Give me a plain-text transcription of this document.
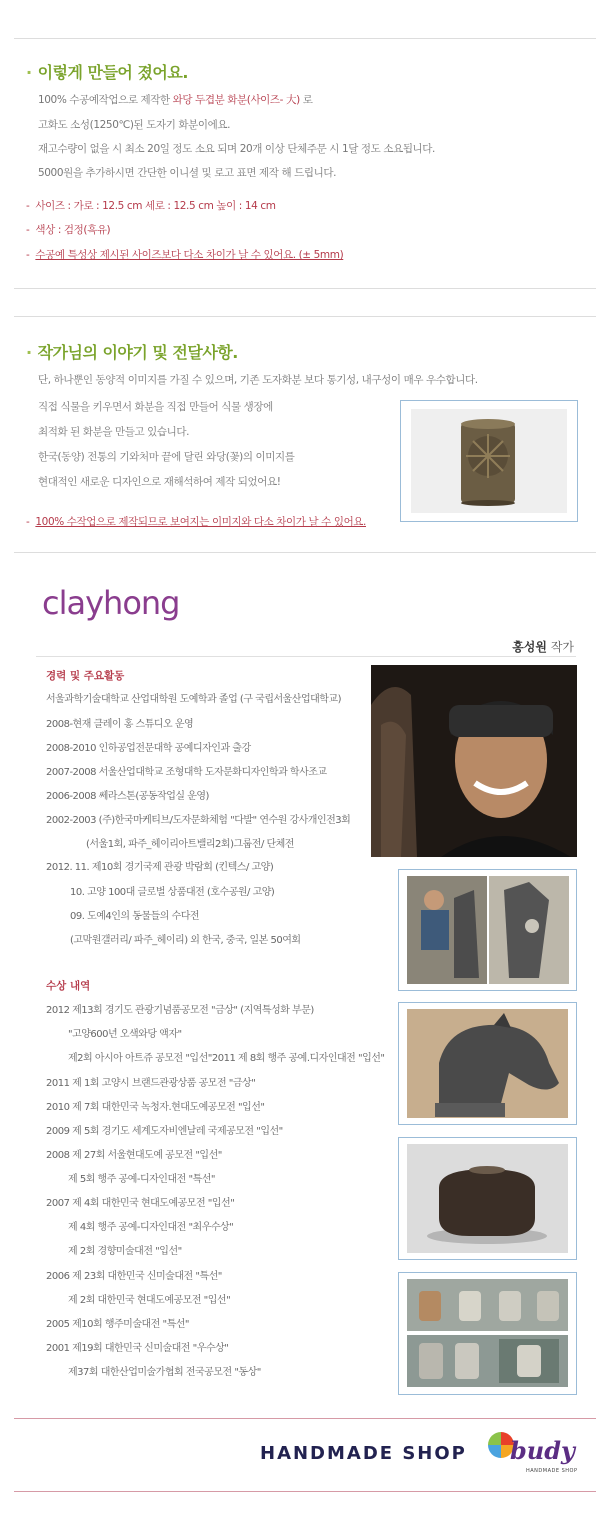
· 이렇게 만들어 졌어요.
100% 수공예작업으로 제작한 와당 두겹분 화분(사이즈- 大) 로
고화도 소성(1250℃)된 도자기 화분이에요.
재고수량이 없을 시 최소 20일 정도 소요 되며 20개 이상 단체주문 시 1달 정도 소요됩니다.
5000원을 추가하시면 간단한 이니셜 및 로고 표면 제작 해 드립니다.
- 사이즈 : 가로 : 12.5 cm 세로 : 12.5 cm 높이 : 14 cm
- 색상 : 검정(흑유)
- 수공예 특성상 제시된 사이즈보다 다소 차이가 날 수 있어요. (± 5mm)
· 작가님의 이야기 및 전달사항.
단, 하나뿐인 동양적 이미지를 가질 수 있으며, 기존 도자화분 보다 통기성, 내구성이 매우 우수합니다.
직접 식물을 키우면서 화분을 직접 만들어 식물 생장에
최적화 된 화분을 만들고 있습니다.
한국(동양) 전통의 기와처마 끝에 달린 와당(꽃)의 이미지를
현대적인 새로운 디자인으로 재해석하여 제작 되었어요!
- 100% 수작업으로 제작되므로 보여지는 이미지와 다소 차이가 날 수 있어요.
clayhong
홍성원 작가
경력 및 주요활동
서울과학기술대학교 산업대학원 도예학과 졸업 (구 국립서울산업대학교)
2008-현재 클레이 홍 스튜디오 운영
2008-2010 인하공업전문대학 공예디자인과 출강
2007-2008 서울산업대학교 조형대학 도자문화디자인학과 학사조교
2006-2008 쎄라스톤(공동작업실 운영)
2002-2003 (주)한국마케티브/도자문화체험 "다발" 연수원 강사개인전3회
(서울1회, 파주_헤이리아트밸리2회)그룹전/ 단체전
2012. 11. 제10회 경기국제 관광 박람회 (킨텍스/ 고양)
10. 고양 100대 글로벌 상품대전 (호수공원/ 고양)
09. 도예4인의 동물들의 수다전
(고막원갤러리/ 파주_헤이리) 외 한국, 중국, 일본 50여회
수상 내역
2012 제13회 경기도 관광기념품공모전 "금상" (지역특성화 부문)
"고양600년 오색와당 액자"
제2회 아시아 아트쥬 공모전 "입선"2011 제 8회 행주 공예.디자인대전 "입선"
2011 제 1회 고양시 브랜드관광상품 공모전 "금상"
2010 제 7회 대한민국 녹청자.현대도예공모전 "입선"
2009 제 5회 경기도 세계도자비엔날레 국제공모전 "입선"
2008 제 27회 서울현대도예 공모전 "입선"
제 5회 행주 공예-디자인대전 "특선"
2007 제 4회 대한민국 현대도예공모전 "입선"
제 4회 행주 공예-디자인대전 "최우수상"
제 2회 경향미술대전 "입선"
2006 제 23회 대한민국 신미술대전 "특선"
제 2회 대한민국 현대도예공모전 "입선"
2005 제10회 행주미술대전 "특선"
2001 제19회 대한민국 신미술대전 "우수상"
제37회 대한산업미술가협회 전국공모전 "동상"
HANDMADE SHOP budy
HANDMADE SHOP
